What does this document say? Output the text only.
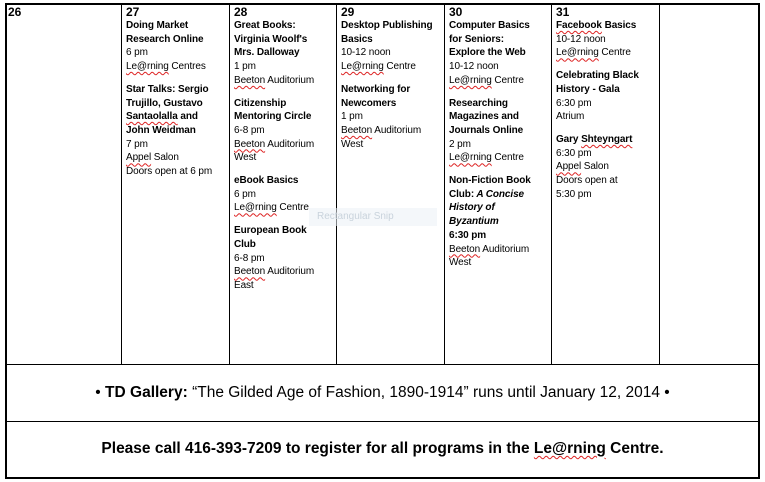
26	27
Doing Market
Research Online
6 pm
Le@rning Centres
Star Talks: Sergio
Trujillo, Gustavo
Santaolalla and
John Weidman
7 pm
Appel Salon
Doors open at 6 pm
28
Great Books:
Virginia Woolf's
Mrs. Dalloway
1 pm
Beeton Auditorium
Citizenship
Mentoring Circle
6-8 pm
Beeton Auditorium
West
eBook Basics
6 pm
Le@rning Centre
European Book
Club
6-8 pm
Beeton Auditorium
East
29
Desktop Publishing
Basics
10-12 noon
Le@rning Centre
Networking for
Newcomers
1 pm
Beeton Auditorium
West
30
Computer Basics
for Seniors:
Explore the Web
10-12 noon
Le@rning Centre
Researching
Magazines and
Journals Online
2 pm
Le@rning Centre
Non-Fiction Book
Club: A Concise
History of
Byzantium
6:30 pm
Beeton Auditorium
West
31
Facebook Basics
10-12 noon
Le@rning Centre
Celebrating Black
History - Gala
6:30 pm
Atrium
Gary Shteyngart
6:30 pm
Appel Salon
Doors open at
5:30 pm
Rectangular Snip
•
TD Gallery:
“The Gilded Age of Fashion, 1890-1914” runs until January 12, 2014
•
Please call 416-393-7209 to register for all programs in the Le@rning Centre.
